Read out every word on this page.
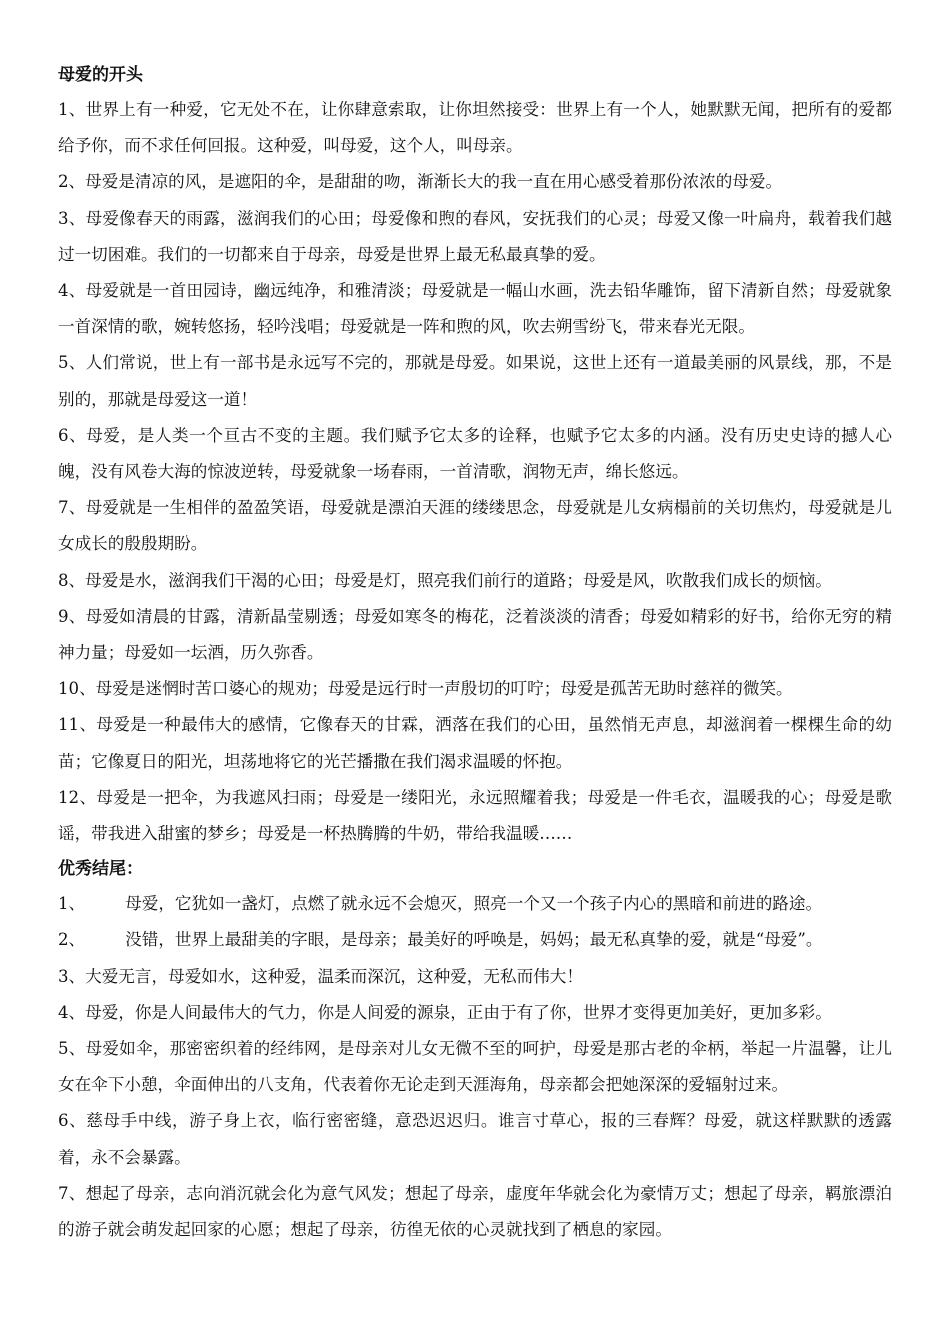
母爱的开头
1、世界上有一种爱，它无处不在，让你肆意索取，让你坦然接受：世界上有一个人，她默默无闻，把所有的爱都给予你，而不求任何回报。这种爱，叫母爱，这个人，叫母亲。
2、母爱是清凉的风，是遮阳的伞，是甜甜的吻，渐渐长大的我一直在用心感受着那份浓浓的母爱。
3、母爱像春天的雨露，滋润我们的心田；母爱像和煦的春风，安抚我们的心灵；母爱又像一叶扁舟，载着我们越过一切困难。我们的一切都来自于母亲，母爱是世界上最无私最真挚的爱。
4、母爱就是一首田园诗，幽远纯净，和雅清淡；母爱就是一幅山水画，洗去铅华雕饰，留下清新自然；母爱就象一首深情的歌，婉转悠扬，轻吟浅唱；母爱就是一阵和煦的风，吹去朔雪纷飞，带来春光无限。
5、人们常说，世上有一部书是永远写不完的，那就是母爱。如果说，这世上还有一道最美丽的风景线，那，不是别的，那就是母爱这一道！
6、母爱，是人类一个亘古不变的主题。我们赋予它太多的诠释，也赋予它太多的内涵。没有历史史诗的撼人心魄，没有风卷大海的惊波逆转，母爱就象一场春雨，一首清歌，润物无声，绵长悠远。
7、母爱就是一生相伴的盈盈笑语，母爱就是漂泊天涯的缕缕思念，母爱就是儿女病榻前的关切焦灼，母爱就是儿女成长的殷殷期盼。
8、母爱是水，滋润我们干渴的心田；母爱是灯，照亮我们前行的道路；母爱是风，吹散我们成长的烦恼。
9、母爱如清晨的甘露，清新晶莹剔透；母爱如寒冬的梅花，泛着淡淡的清香；母爱如精彩的好书，给你无穷的精神力量；母爱如一坛酒，历久弥香。
10、母爱是迷惘时苦口婆心的规劝；母爱是远行时一声殷切的叮咛；母爱是孤苦无助时慈祥的微笑。
11、母爱是一种最伟大的感情，它像春天的甘霖，洒落在我们的心田，虽然悄无声息，却滋润着一棵棵生命的幼苗；它像夏日的阳光，坦荡地将它的光芒播撒在我们渴求温暖的怀抱。
12、母爱是一把伞，为我遮风扫雨；母爱是一缕阳光，永远照耀着我；母爱是一件毛衣，温暖我的心；母爱是歌谣，带我进入甜蜜的梦乡；母爱是一杯热腾腾的牛奶，带给我温暖……
优秀结尾：
1、 母爱，它犹如一盏灯，点燃了就永远不会熄灭，照亮一个又一个孩子内心的黑暗和前进的路途。
2、 没错，世界上最甜美的字眼，是母亲；最美好的呼唤是，妈妈；最无私真挚的爱，就是“母爱”。
3、大爱无言，母爱如水，这种爱，温柔而深沉，这种爱，无私而伟大！
4、母爱，你是人间最伟大的气力，你是人间爱的源泉，正由于有了你，世界才变得更加美好，更加多彩。
5、母爱如伞，那密密织着的经纬网，是母亲对儿女无微不至的呵护，母爱是那古老的伞柄，举起一片温馨，让儿女在伞下小憩，伞面伸出的八支角，代表着你无论走到天涯海角，母亲都会把她深深的爱辐射过来。
6、慈母手中线，游子身上衣，临行密密缝，意恐迟迟归。谁言寸草心，报的三春辉？母爱，就这样默默的透露着，永不会暴露。
7、想起了母亲，志向消沉就会化为意气风发；想起了母亲，虚度年华就会化为豪情万丈；想起了母亲，羁旅漂泊的游子就会萌发起回家的心愿；想起了母亲，彷徨无依的心灵就找到了栖息的家园。
